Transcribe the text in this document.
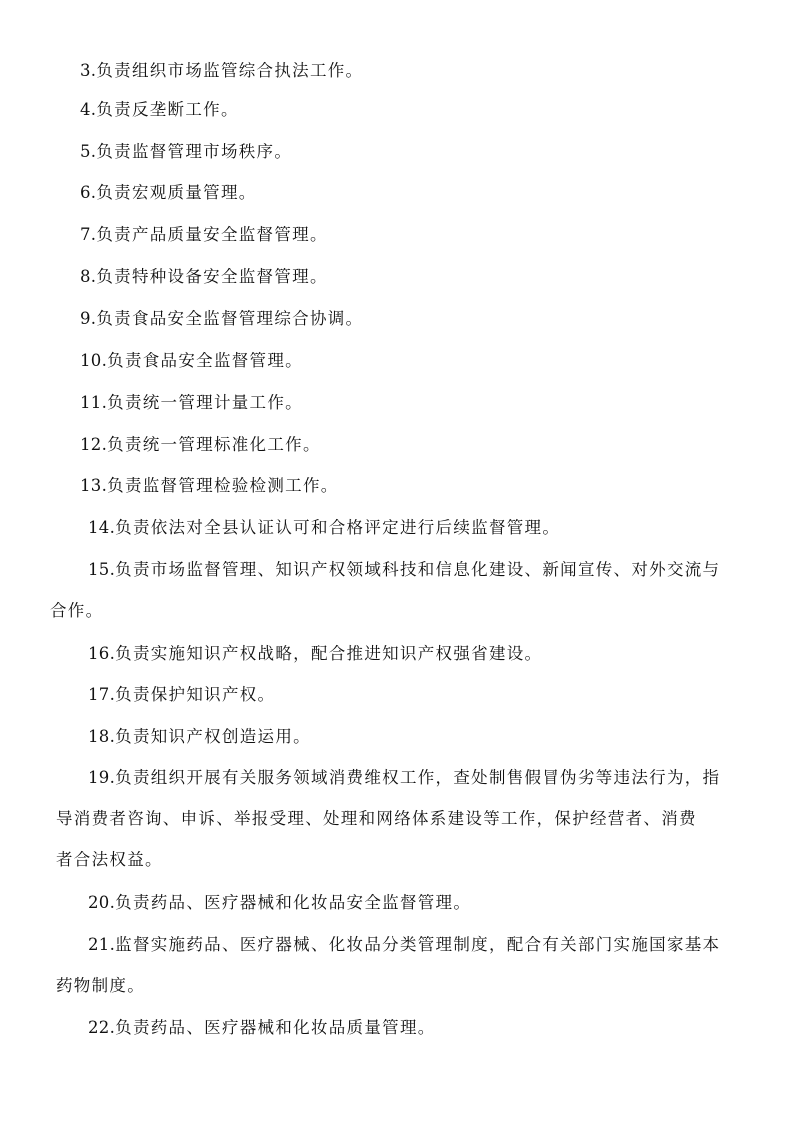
3.负责组织市场监管综合执法工作。

4.负责反垄断工作。

5.负责监督管理市场秩序。

6.负责宏观质量管理。

7.负责产品质量安全监督管理。

8.负责特种设备安全监督管理。

9.负责食品安全监督管理综合协调。

10.负责食品安全监督管理。

11.负责统一管理计量工作。

12.负责统一管理标准化工作。

13.负责监督管理检验检测工作。

14.负责依法对全县认证认可和合格评定进行后续监督管理。

15.负责市场监督管理、知识产权领域科技和信息化建设、新闻宣传、对外交流与
合作。

16.负责实施知识产权战略，配合推进知识产权强省建设。

17.负责保护知识产权。

18.负责知识产权创造运用。

19.负责组织开展有关服务领域消费维权工作，查处制售假冒伪劣等违法行为，指
导消费者咨询、申诉、举报受理、处理和网络体系建设等工作，保护经营者、消费
者合法权益。

20.负责药品、医疗器械和化妆品安全监督管理。

21.监督实施药品、医疗器械、化妆品分类管理制度，配合有关部门实施国家基本
药物制度。

22.负责药品、医疗器械和化妆品质量管理。
